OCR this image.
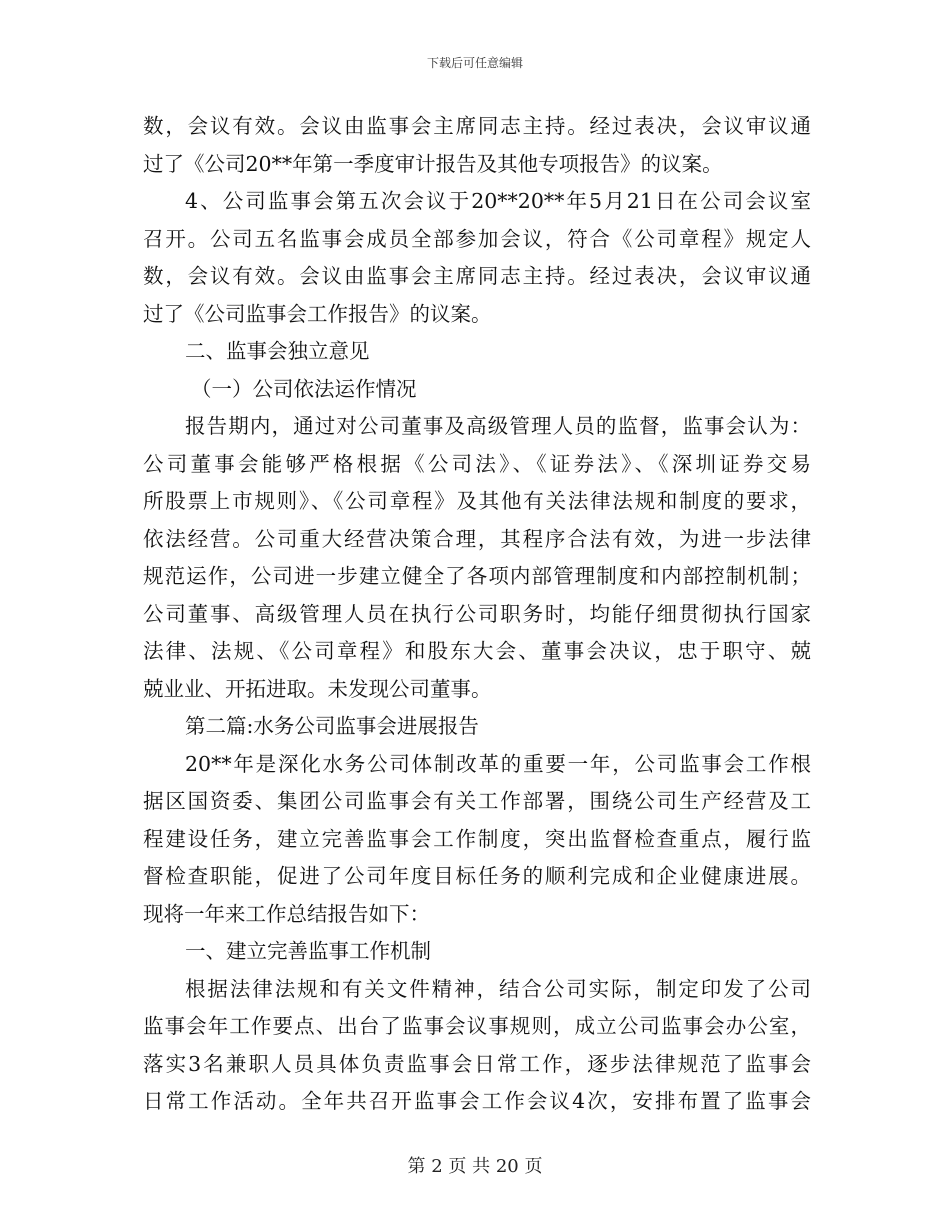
下载后可任意编辑
数，会议有效。会议由监事会主席同志主持。经过表决，会议审议通
过了《公司20**年第一季度审计报告及其他专项报告》的议案。
4、公司监事会第五次会议于20**20**年5月21日在公司会议室
召开。公司五名监事会成员全部参加会议，符合《公司章程》规定人
数，会议有效。会议由监事会主席同志主持。经过表决，会议审议通
过了《公司监事会工作报告》的议案。
二、监事会独立意见
（一）公司依法运作情况
报告期内，通过对公司董事及高级管理人员的监督，监事会认为：
公司董事会能够严格根据《公司法》、《证券法》、《深圳证券交易
所股票上市规则》、《公司章程》及其他有关法律法规和制度的要求，
依法经营。公司重大经营决策合理，其程序合法有效，为进一步法律
规范运作，公司进一步建立健全了各项内部管理制度和内部控制机制；
公司董事、高级管理人员在执行公司职务时，均能仔细贯彻执行国家
法律、法规、《公司章程》和股东大会、董事会决议，忠于职守、兢
兢业业、开拓进取。未发现公司董事。
第二篇:水务公司监事会进展报告
20**年是深化水务公司体制改革的重要一年，公司监事会工作根
据区国资委、集团公司监事会有关工作部署，围绕公司生产经营及工
程建设任务，建立完善监事会工作制度，突出监督检查重点，履行监
督检查职能，促进了公司年度目标任务的顺利完成和企业健康进展。
现将一年来工作总结报告如下：
一、建立完善监事工作机制
根据法律法规和有关文件精神，结合公司实际，制定印发了公司
监事会年工作要点、出台了监事会议事规则，成立公司监事会办公室，
落实3名兼职人员具体负责监事会日常工作，逐步法律规范了监事会
日常工作活动。全年共召开监事会工作会议4次，安排布置了监事会
第 2 页 共 20 页
